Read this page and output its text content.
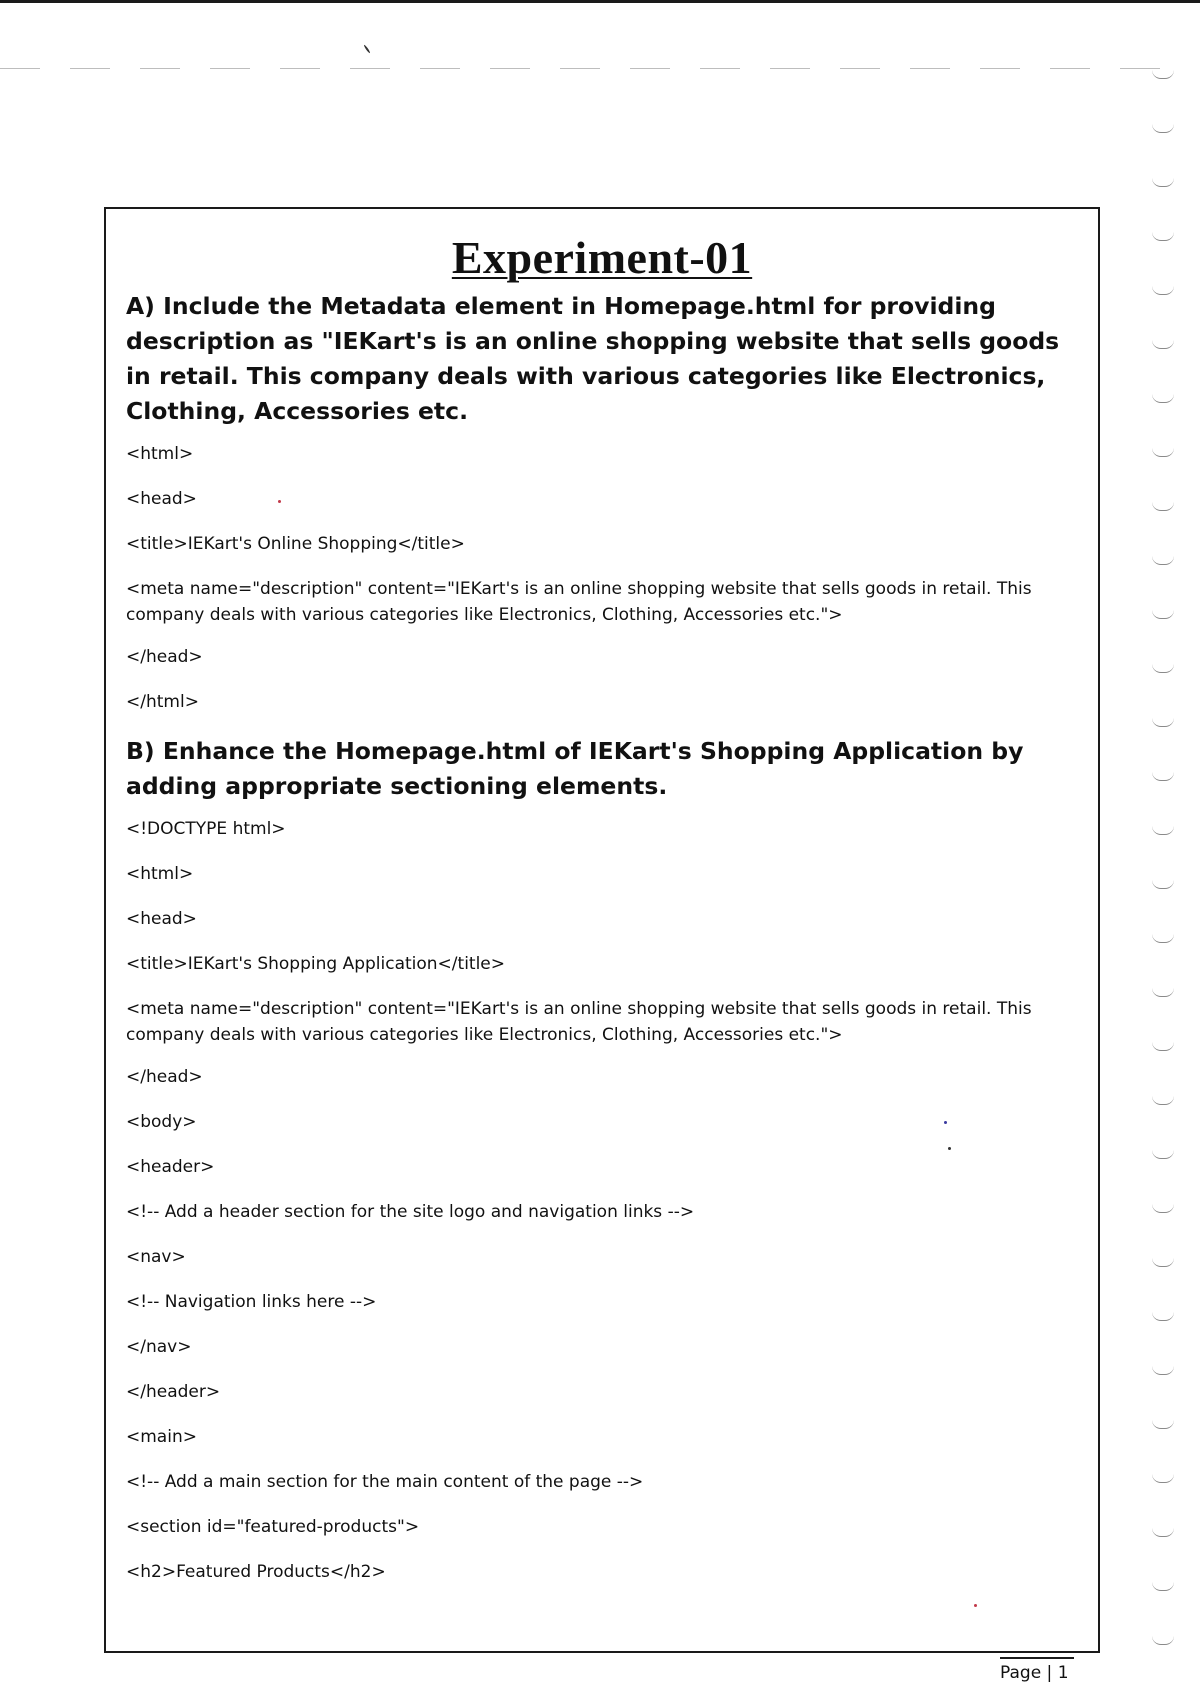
Experiment-01

A) Include the Metadata element in Homepage.html for providing description as "IEKart's is an online shopping website that sells goods in retail. This company deals with various categories like Electronics, Clothing, Accessories etc.

<html>

<head>

<title>IEKart's Online Shopping</title>

<meta name="description" content="IEKart's is an online shopping website that sells goods in retail. This company deals with various categories like Electronics, Clothing, Accessories etc.">

</head>

</html>

B) Enhance the Homepage.html of IEKart's Shopping Application by adding appropriate sectioning elements.

<!DOCTYPE html>

<html>

<head>

<title>IEKart's Shopping Application</title>

<meta name="description" content="IEKart's is an online shopping website that sells goods in retail. This company deals with various categories like Electronics, Clothing, Accessories etc.">

</head>

<body>

<header>

<!-- Add a header section for the site logo and navigation links -->

<nav>

<!-- Navigation links here -->

</nav>

</header>

<main>

<!-- Add a main section for the main content of the page -->

<section id="featured-products">

<h2>Featured Products</h2>

Page | 1
